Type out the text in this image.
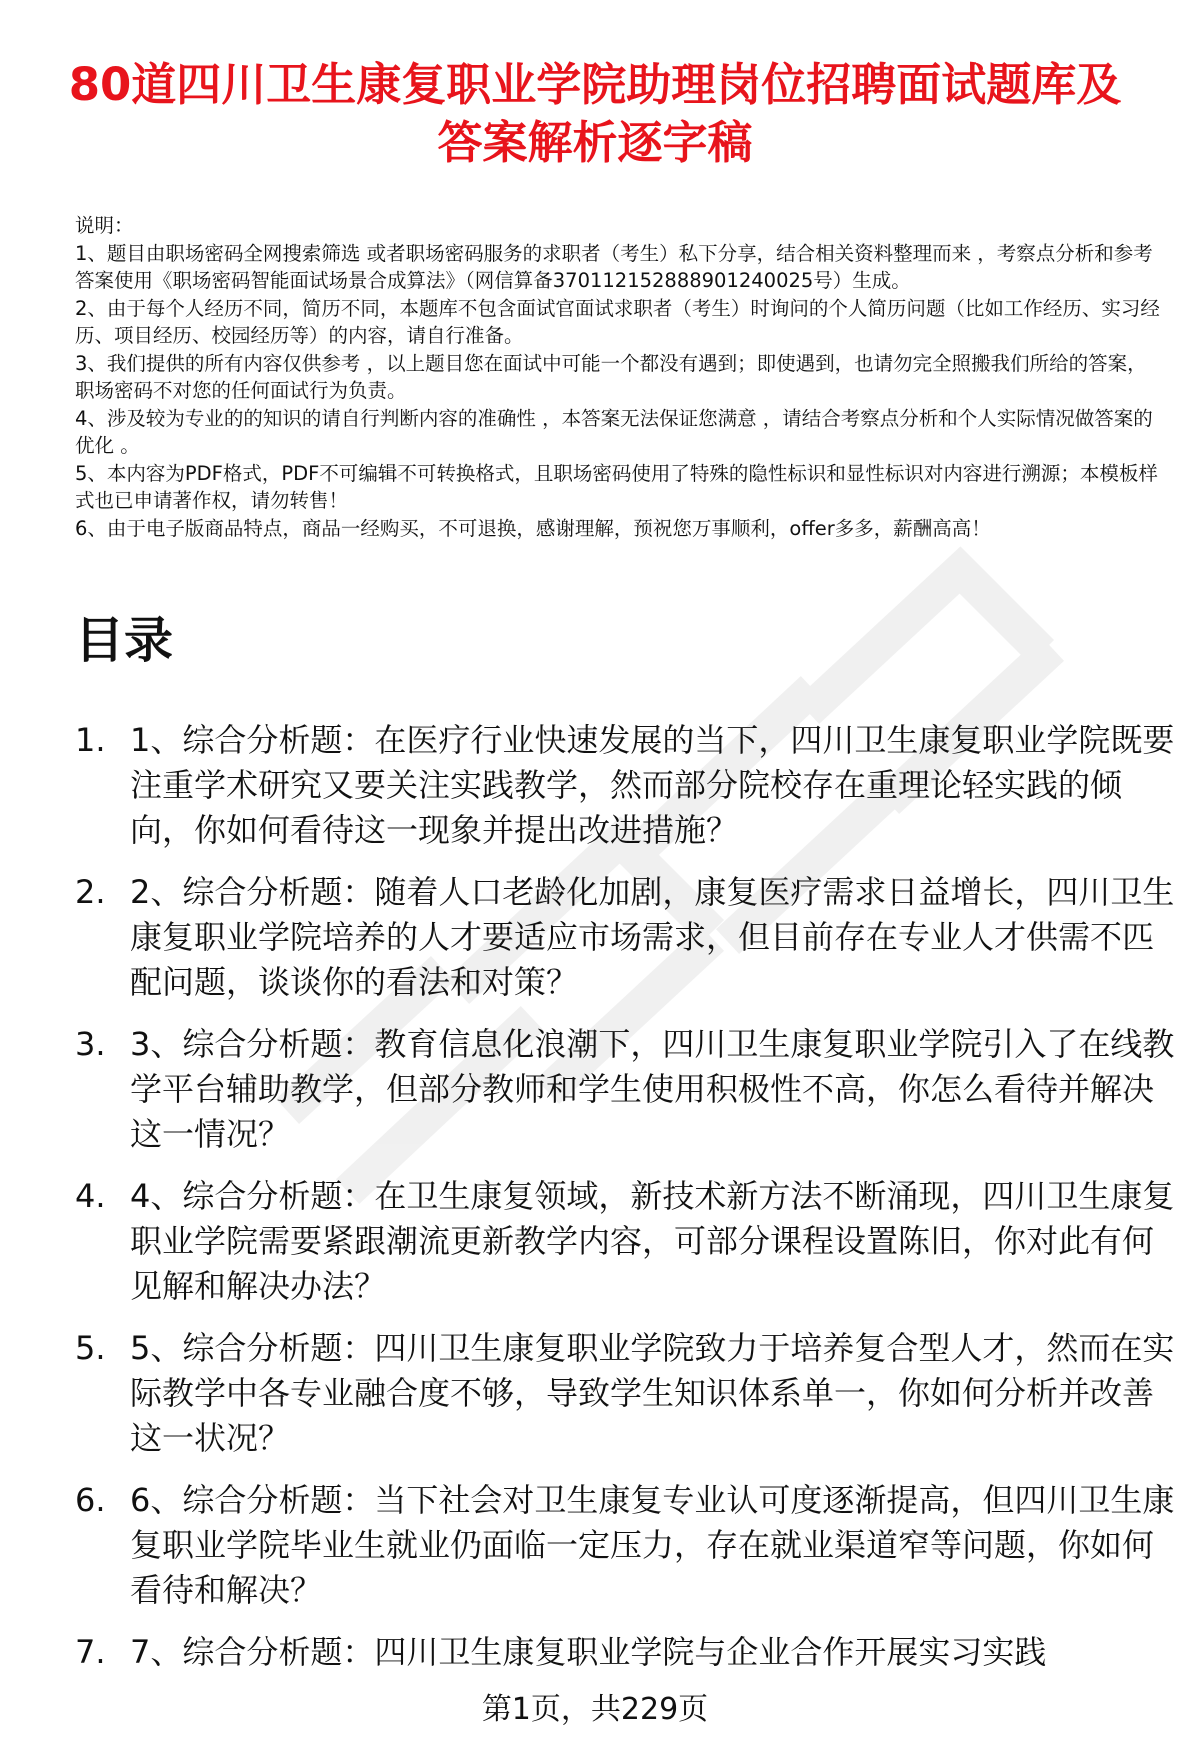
80道四川卫生康复职业学院助理岗位招聘面试题库及答案解析逐字稿

说明：

1、题目由职场密码全网搜索筛选 或者职场密码服务的求职者（考生）私下分享，结合相关资料整理而来 ，考察点分析和参考答案使用《职场密码智能面试场景合成算法》（网信算备370112152888901240025号）生成。

2、由于每个人经历不同，简历不同，本题库不包含面试官面试求职者（考生）时询问的个人简历问题（比如工作经历、实习经历、项目经历、校园经历等）的内容，请自行准备。

3、我们提供的所有内容仅供参考 ，以上题目您在面试中可能一个都没有遇到；即使遇到，也请勿完全照搬我们所给的答案，职场密码不对您的任何面试行为负责。

4、涉及较为专业的的知识的请自行判断内容的准确性 ，本答案无法保证您满意 ，请结合考察点分析和个人实际情况做答案的优化 。

5、本内容为PDF格式，PDF不可编辑不可转换格式，且职场密码使用了特殊的隐性标识和显性标识对内容进行溯源；本模板样式也已申请著作权，请勿转售！

6、由于电子版商品特点，商品一经购买，不可退换，感谢理解，预祝您万事顺利，offer多多，薪酬高高！

目录
1. 1、综合分析题：在医疗行业快速发展的当下，四川卫生康复职业学院既要注重学术研究又要关注实践教学，然而部分院校存在重理论轻实践的倾向，你如何看待这一现象并提出改进措施？
2. 2、综合分析题：随着人口老龄化加剧，康复医疗需求日益增长，四川卫生康复职业学院培养的人才要适应市场需求，但目前存在专业人才供需不匹配问题，谈谈你的看法和对策？
3. 3、综合分析题：教育信息化浪潮下，四川卫生康复职业学院引入了在线教学平台辅助教学，但部分教师和学生使用积极性不高，你怎么看待并解决这一情况？
4. 4、综合分析题：在卫生康复领域，新技术新方法不断涌现，四川卫生康复职业学院需要紧跟潮流更新教学内容，可部分课程设置陈旧，你对此有何见解和解决办法？
5. 5、综合分析题：四川卫生康复职业学院致力于培养复合型人才，然而在实际教学中各专业融合度不够，导致学生知识体系单一，你如何分析并改善这一状况？
6. 6、综合分析题：当下社会对卫生康复专业认可度逐渐提高，但四川卫生康复职业学院毕业生就业仍面临一定压力，存在就业渠道窄等问题，你如何看待和解决？
7. 7、综合分析题：四川卫生康复职业学院与企业合作开展实习实践
第1页，共229页
